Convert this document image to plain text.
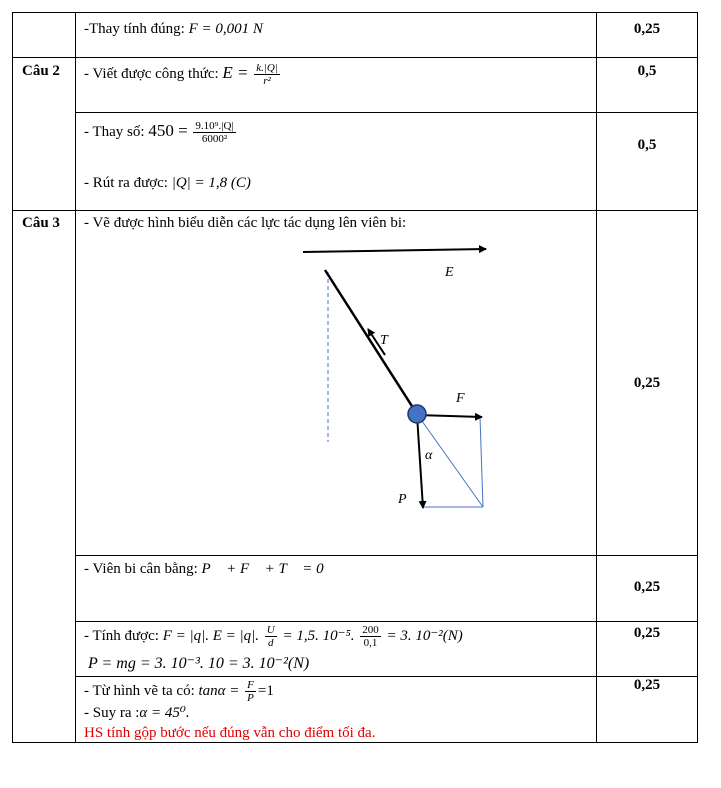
Câu 2
Câu 3
0,25
0,5
0,5
0,25
0,25
0,25
0,25
-Thay tính đúng: F = 0,001 N
- Viết được công thức: $E = \frac{k.|Q|}{\text{r²}}$
- Thay số: $450 = \frac{\text{9.10⁹.|Q|}}{\text{6000²}}$
- Rút ra được: |Q| = 1,8 (C)
- Vẽ được hình biểu diễn các lực tác dụng lên viên bi:
E⃗
T⃗
F⃗
α
P⃗
- Viên bi cân bằng: P⃗ + F⃗ + T⃗ = 0
- Tính được: F = |q|. E = |q|. $\frac{U}{d} = 1,5$. 10⁻⁵. $\frac{200}{0,1} = 3$. 10⁻²(N)
P = mg = 3. 10⁻³. 10 = 3. 10⁻²(N)
- Từ hình vẽ ta có: $\tan\alpha = \frac{F}{P} =1$
- Suy ra :α = 45⁰.
HS tính gộp bước nếu đúng vẫn cho điểm tối đa.
